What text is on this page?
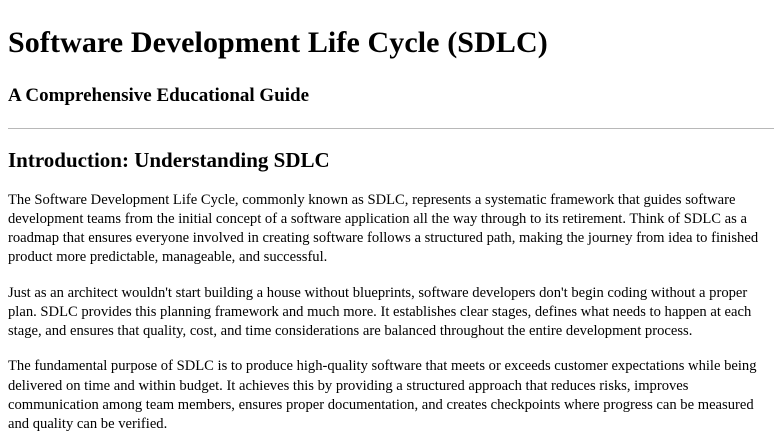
Software Development Life Cycle (SDLC)
A Comprehensive Educational Guide
Introduction: Understanding SDLC

The Software Development Life Cycle, commonly known as SDLC, represents a systematic framework that guides software development teams from the initial concept of a software application all the way through to its retirement. Think of SDLC as a roadmap that ensures everyone involved in creating software follows a structured path, making the journey from idea to finished product more predictable, manageable, and successful.

Just as an architect wouldn't start building a house without blueprints, software developers don't begin coding without a proper plan. SDLC provides this planning framework and much more. It establishes clear stages, defines what needs to happen at each stage, and ensures that quality, cost, and time considerations are balanced throughout the entire development process.

The fundamental purpose of SDLC is to produce high-quality software that meets or exceeds customer expectations while being delivered on time and within budget. It achieves this by providing a structured approach that reduces risks, improves communication among team members, ensures proper documentation, and creates checkpoints where progress can be measured and quality can be verified.
